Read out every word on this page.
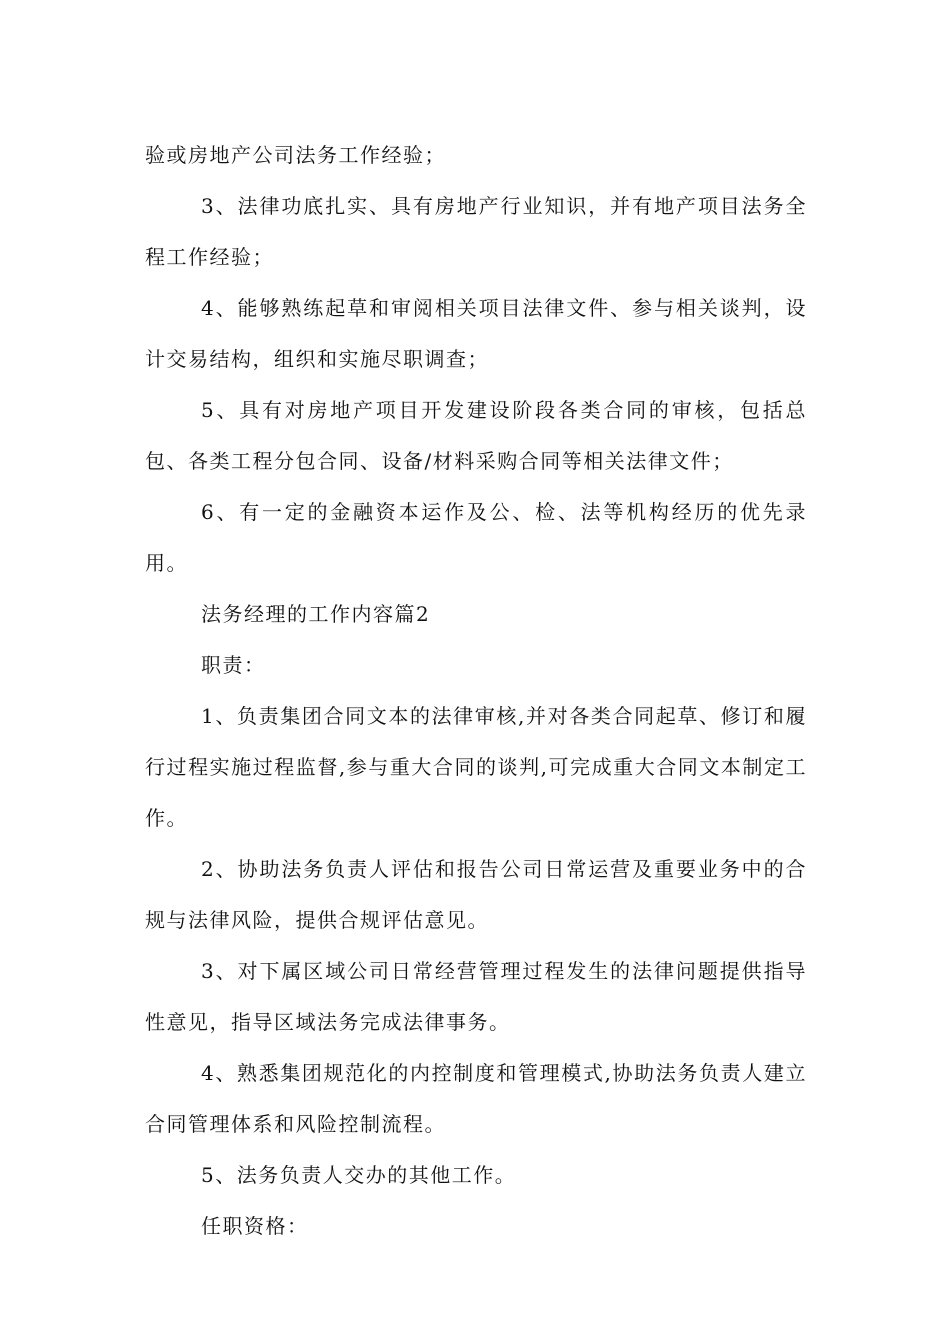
验或房地产公司法务工作经验；

3、法律功底扎实、具有房地产行业知识，并有地产项目法务全程工作经验；

4、能够熟练起草和审阅相关项目法律文件、参与相关谈判，设计交易结构，组织和实施尽职调查；

5、具有对房地产项目开发建设阶段各类合同的审核，包括总包、各类工程分包合同、设备/材料采购合同等相关法律文件；

6、有一定的金融资本运作及公、检、法等机构经历的优先录用。

法务经理的工作内容篇2

职责：

1、负责集团合同文本的法律审核,并对各类合同起草、修订和履行过程实施过程监督,参与重大合同的谈判,可完成重大合同文本制定工作。

2、协助法务负责人评估和报告公司日常运营及重要业务中的合规与法律风险，提供合规评估意见。

3、对下属区域公司日常经营管理过程发生的法律问题提供指导性意见，指导区域法务完成法律事务。

4、熟悉集团规范化的内控制度和管理模式,协助法务负责人建立合同管理体系和风险控制流程。

5、法务负责人交办的其他工作。

任职资格：
